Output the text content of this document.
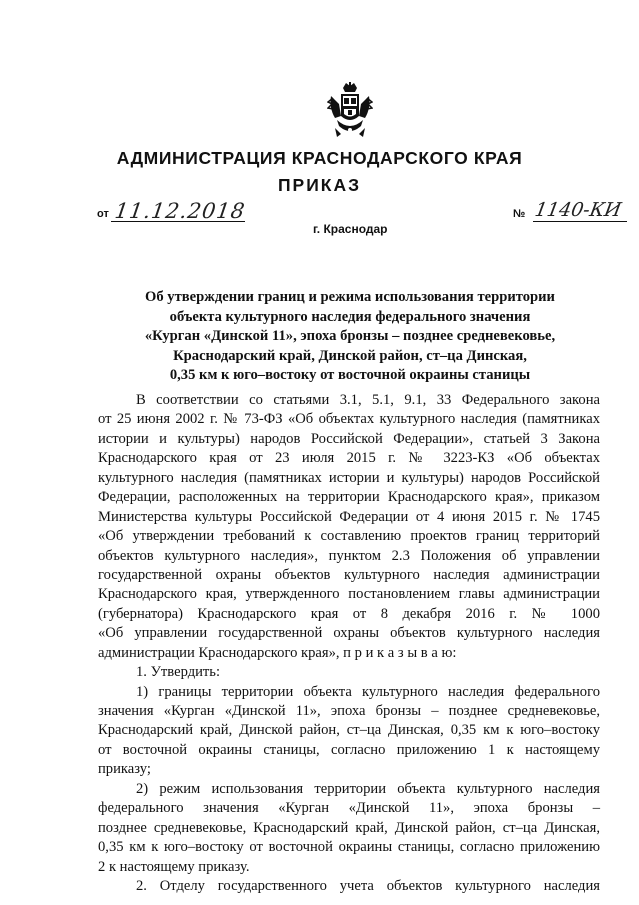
АДМИНИСТРАЦИЯ КРАСНОДАРСКОГО КРАЯ
ПРИКАЗ
от 11.12.2018
г. Краснодар
№ 1140-КИ
Об утверждении границ и режима использования территории
объекта культурного наследия федерального значения
«Курган «Динской 11», эпоха бронзы – позднее средневековье,
Краснодарский край, Динской район, ст–ца Динская,
0,35 км к юго–востоку от восточной окраины станицы
В соответствии со статьями 3.1, 5.1, 9.1, 33 Федерального закона
от 25 июня 2002 г. № 73-ФЗ «Об объектах культурного наследия (памятниках
истории и культуры) народов Российской Федерации», статьей 3 Закона
Краснодарского края от 23 июля 2015 г. № 3223-КЗ «Об объектах
культурного наследия (памятниках истории и культуры) народов Российской
Федерации, расположенных на территории Краснодарского края», приказом
Министерства культуры Российской Федерации от 4 июня 2015 г. № 1745
«Об утверждении требований к составлению проектов границ территорий
объектов культурного наследия», пунктом 2.3 Положения об управлении
государственной охраны объектов культурного наследия администрации
Краснодарского края, утвержденного постановлением главы администрации
(губернатора) Краснодарского края от 8 декабря 2016 г. № 1000
«Об управлении государственной охраны объектов культурного наследия
администрации Краснодарского края», п р и к а з ы в а ю:
1. Утвердить:
1) границы территории объекта культурного наследия федерального
значения «Курган «Динской 11», эпоха бронзы – позднее средневековье,
Краснодарский край, Динской район, ст–ца Динская, 0,35 км к юго–востоку
от восточной окраины станицы, согласно приложению 1 к настоящему
приказу;
2) режим использования территории объекта культурного наследия
федерального значения «Курган «Динской 11», эпоха бронзы –
позднее средневековье, Краснодарский край, Динской район, ст–ца Динская,
0,35 км к юго–востоку от восточной окраины станицы, согласно приложению
2 к настоящему приказу.
2. Отделу государственного учета объектов культурного наследия
